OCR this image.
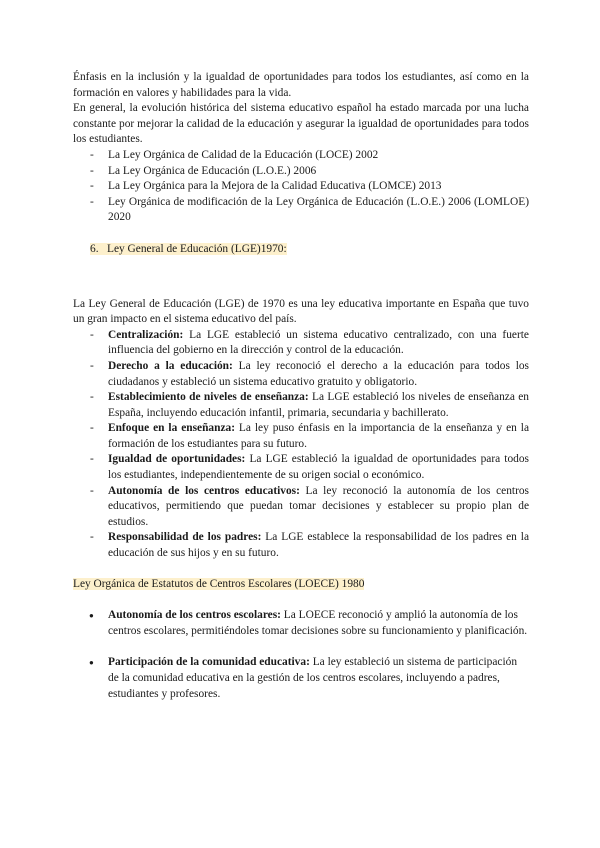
Énfasis en la inclusión y la igualdad de oportunidades para todos los estudiantes, así como en la formación en valores y habilidades para la vida.

En general, la evolución histórica del sistema educativo español ha estado marcada por una lucha constante por mejorar la calidad de la educación y asegurar la igualdad de oportunidades para todos los estudiantes.

- La Ley Orgánica de Calidad de la Educación (LOCE) 2002
- La Ley Orgánica de Educación (L.O.E.) 2006
- La Ley Orgánica para la Mejora de la Calidad Educativa (LOMCE) 2013
- Ley Orgánica de modificación de la Ley Orgánica de Educación (L.O.E.) 2006 (LOMLOE) 2020
6. Ley General de Educación (LGE)1970:

La Ley General de Educación (LGE) de 1970 es una ley educativa importante en España que tuvo un gran impacto en el sistema educativo del país.

- Centralización: La LGE estableció un sistema educativo centralizado, con una fuerte influencia del gobierno en la dirección y control de la educación.
- Derecho a la educación: La ley reconoció el derecho a la educación para todos los ciudadanos y estableció un sistema educativo gratuito y obligatorio.
- Establecimiento de niveles de enseñanza: La LGE estableció los niveles de enseñanza en España, incluyendo educación infantil, primaria, secundaria y bachillerato.
- Enfoque en la enseñanza: La ley puso énfasis en la importancia de la enseñanza y en la formación de los estudiantes para su futuro.
- Igualdad de oportunidades: La LGE estableció la igualdad de oportunidades para todos los estudiantes, independientemente de su origen social o económico.
- Autonomía de los centros educativos: La ley reconoció la autonomía de los centros educativos, permitiendo que puedan tomar decisiones y establecer su propio plan de estudios.
- Responsabilidad de los padres: La LGE establece la responsabilidad de los padres en la educación de sus hijos y en su futuro.
Ley Orgánica de Estatutos de Centros Escolares (LOECE) 1980
● Autonomía de los centros escolares: La LOECE reconoció y amplió la autonomía de los centros escolares, permitiéndoles tomar decisiones sobre su funcionamiento y planificación.
● Participación de la comunidad educativa: La ley estableció un sistema de participación de la comunidad educativa en la gestión de los centros escolares, incluyendo a padres, estudiantes y profesores.
